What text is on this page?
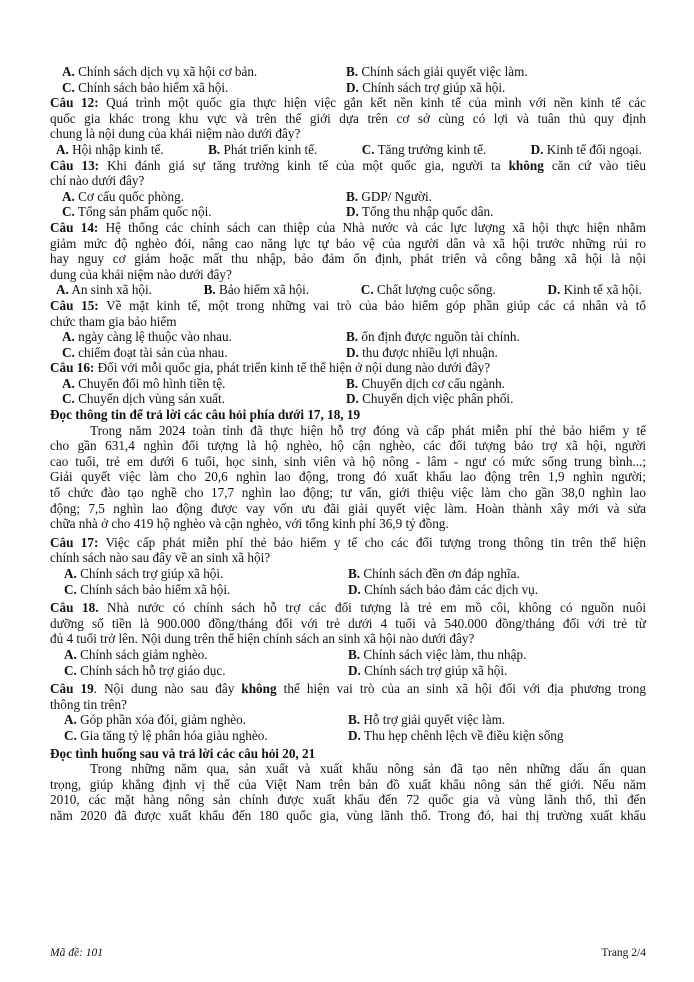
A. Chính sách dịch vụ xã hội cơ bản.	B. Chính sách giải quyết việc làm.
C. Chính sách bảo hiểm xã hội.	D. Chính sách trợ giúp xã hội.
Câu 12: Quá trình một quốc gia thực hiện việc gắn kết nền kinh tế của mình với nền kinh tế các
quốc gia khác trong khu vực và trên thế giới dựa trên cơ sở cùng có lợi và tuân thủ quy định
chung là nội dung của khái niệm nào dưới đây?
A. Hội nhập kinh tế.	B. Phát triển kinh tế.	C. Tăng trưởng kinh tế.	D. Kinh tế đối ngoại.
Câu 13: Khi đánh giá sự tăng trưởng kinh tế của một quốc gia, người ta không căn cứ vào tiêu
chí nào dưới đây?
A. Cơ cấu quốc phòng.	B. GDP/ Người.
C. Tổng sản phẩm quốc nội.	D. Tổng thu nhập quốc dân.
Câu 14: Hệ thống các chính sách can thiệp của Nhà nước và các lực lượng xã hội thực hiện nhằm
giảm mức độ nghèo đói, nâng cao năng lực tự bảo vệ của người dân và xã hội trước những rủi ro
hay nguy cơ giảm hoặc mất thu nhập, bảo đảm ổn định, phát triển và công bằng xã hội là nội
dung của khái niệm nào dưới đây?
A. An sinh xã hội.	B. Bảo hiểm xã hội.	C. Chất lượng cuộc sống.	D. Kinh tế xã hội.
Câu 15: Về mặt kinh tế, một trong những vai trò của bảo hiểm góp phần giúp các cá nhân và tổ
chức tham gia bảo hiểm
A. ngày càng lệ thuộc vào nhau.	B. ổn định được nguồn tài chính.
C. chiếm đoạt tài sản của nhau.	D. thu được nhiều lợi nhuận.
Câu 16: Đối với mỗi quốc gia, phát triển kinh tế thể hiện ở nội dung nào dưới đây?
A. Chuyển đổi mô hình tiền tệ.	B. Chuyển dịch cơ cấu ngành.
C. Chuyển dịch vùng sản xuất.	D. Chuyển dịch việc phân phối.
Đọc thông tin để trả lời các câu hỏi phía dưới 17, 18, 19
Trong năm 2024 toàn tỉnh đã thực hiện hỗ trợ đóng và cấp phát miễn phí thẻ bảo hiểm y tế
cho gần 631,4 nghìn đối tượng là hộ nghèo, hộ cận nghèo, các đối tượng bảo trợ xã hội, người
cao tuổi, trẻ em dưới 6 tuổi, học sinh, sinh viên và hộ nông - lâm - ngư có mức sống trung bình...;
Giải quyết việc làm cho 20,6 nghìn lao động, trong đó xuất khẩu lao động trên 1,9 nghìn người;
tổ chức đào tạo nghề cho 17,7 nghìn lao động; tư vấn, giới thiệu việc làm cho gần 38,0 nghìn lao
động; 7,5 nghìn lao động được vay vốn ưu đãi giải quyết việc làm. Hoàn thành xây mới và sửa
chữa nhà ở cho 419 hộ nghèo và cận nghèo, với tổng kinh phí 36,9 tỷ đồng.
Câu 17: Việc cấp phát miễn phí thẻ bảo hiểm y tế cho các đối tượng trong thông tin trên thể hiện
chính sách nào sau đây về an sinh xã hội?
A. Chính sách trợ giúp xã hội.	B. Chính sách đền ơn đáp nghĩa.
C. Chính sách bảo hiểm xã hội.	D. Chính sách bảo đảm các dịch vụ.
Câu 18. Nhà nước có chính sách hỗ trợ các đối tượng là trẻ em mồ côi, không có nguồn nuôi
dưỡng số tiền là 900.000 đồng/tháng đối với trẻ dưới 4 tuổi và 540.000 đồng/tháng đối với trẻ từ
đủ 4 tuổi trở lên. Nội dung trên thể hiện chính sách an sinh xã hội nào dưới đây?
A. Chính sách giảm nghèo.	B. Chính sách việc làm, thu nhập.
C. Chính sách hỗ trợ giáo dục.	D. Chính sách trợ giúp xã hội.
Câu 19. Nội dung nào sau đây không thể hiện vai trò của an sinh xã hội đối với địa phương trong
thông tin trên?
A. Góp phần xóa đói, giảm nghèo.	B. Hỗ trợ giải quyết việc làm.
C. Gia tăng tỷ lệ phân hóa giàu nghèo.	D. Thu hẹp chênh lệch về điều kiện sống
Đọc tình huống sau và trả lời các câu hỏi 20, 21
Trong những năm qua, sản xuất và xuất khẩu nông sản đã tạo nên những dấu ấn quan
trọng, giúp khẳng định vị thế của Việt Nam trên bản đồ xuất khẩu nông sản thế giới. Nếu năm
2010, các mặt hàng nông sản chính được xuất khẩu đến 72 quốc gia và vùng lãnh thổ, thì đến
năm 2020 đã được xuất khẩu đến 180 quốc gia, vùng lãnh thổ. Trong đó, hai thị trường xuất khẩu
Mã đề: 101	Trang 2/4
